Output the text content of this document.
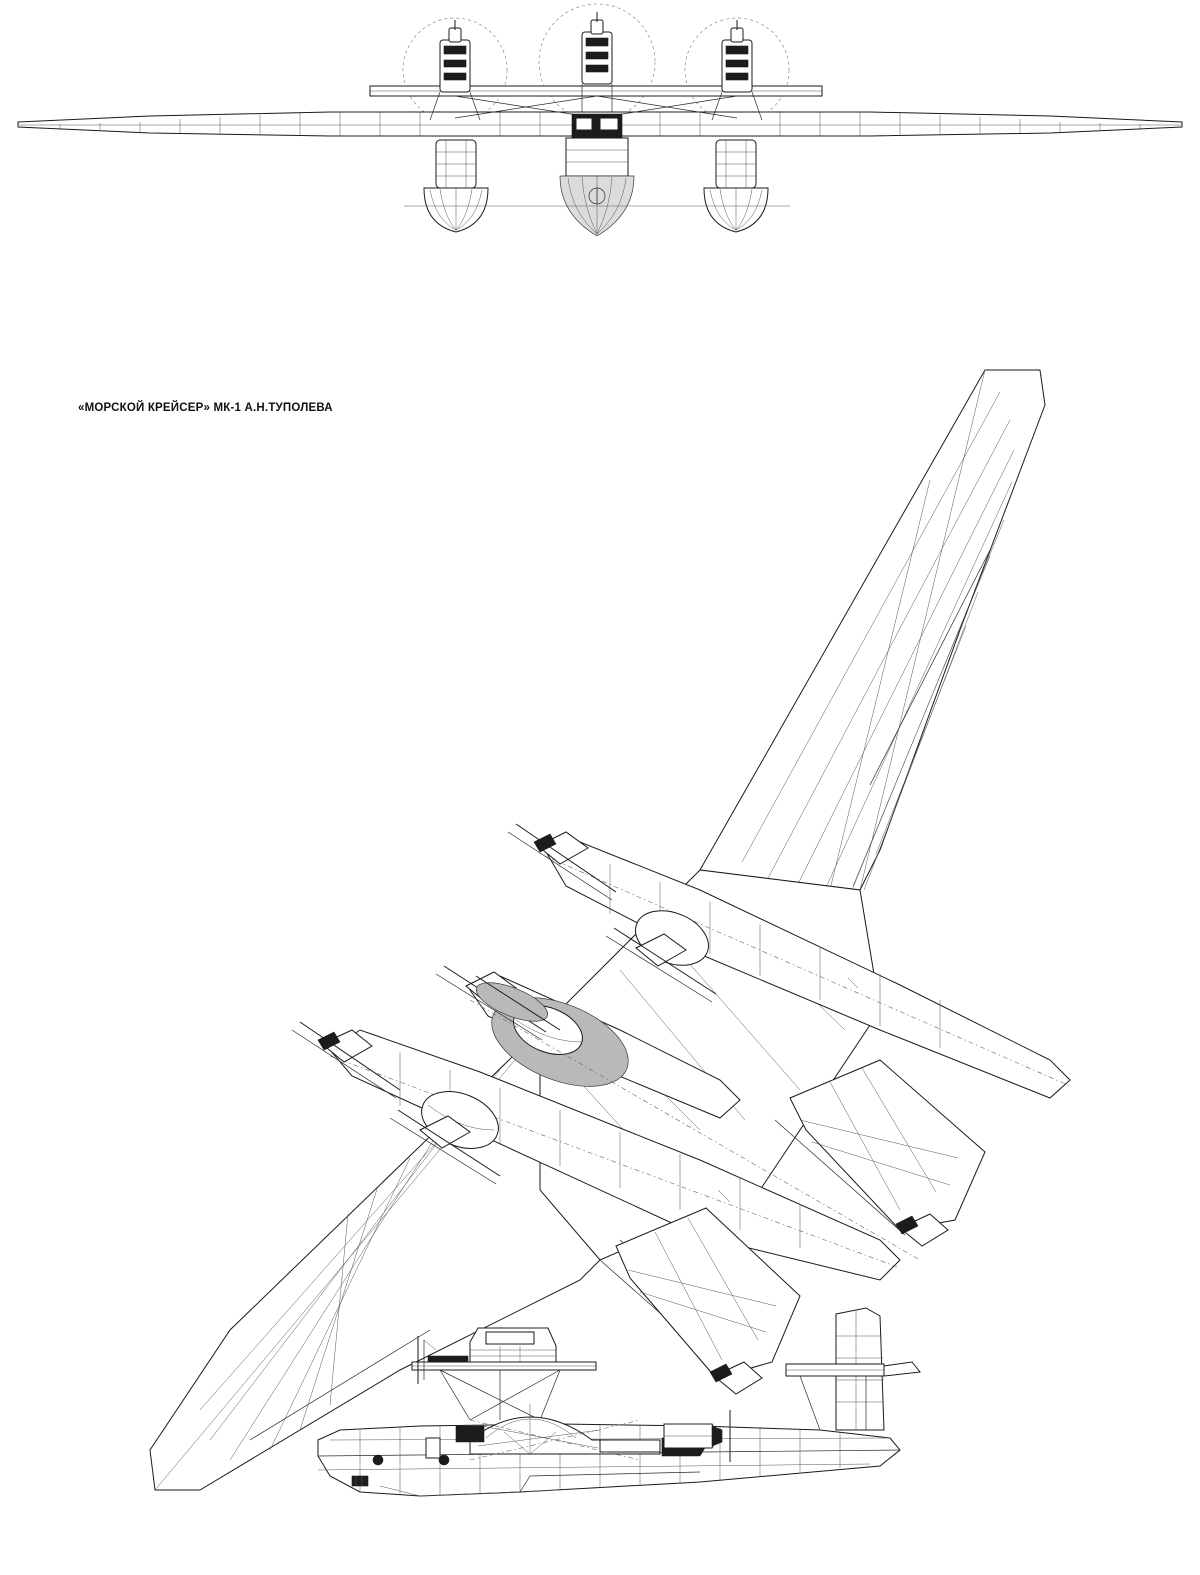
«МОРСКОЙ КРЕЙСЕР» МК-1 А.Н.ТУПОЛЕВА
